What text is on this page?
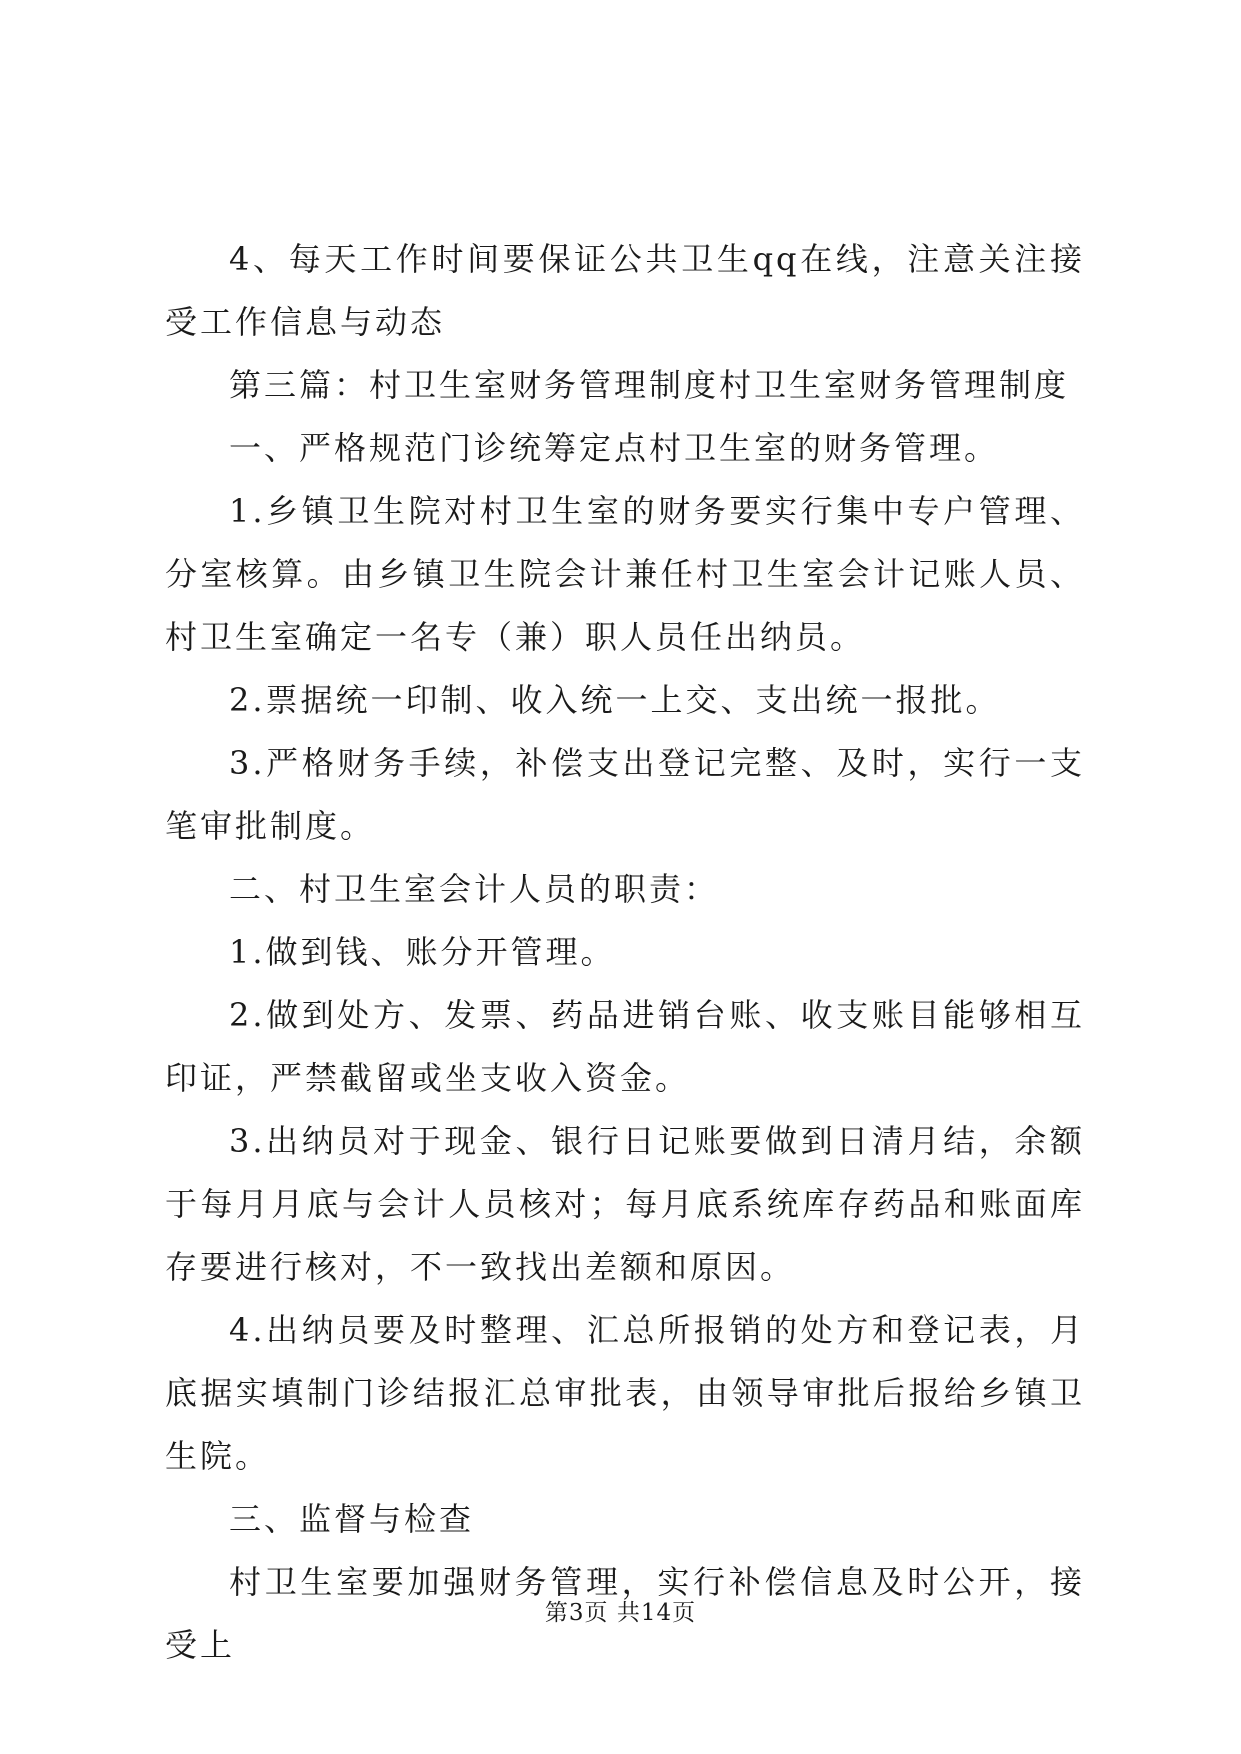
4、每天工作时间要保证公共卫生qq在线，注意关注接受工作信息与动态

第三篇：村卫生室财务管理制度村卫生室财务管理制度

一、严格规范门诊统筹定点村卫生室的财务管理。

1.乡镇卫生院对村卫生室的财务要实行集中专户管理、分室核算。由乡镇卫生院会计兼任村卫生室会计记账人员、村卫生室确定一名专（兼）职人员任出纳员。

2.票据统一印制、收入统一上交、支出统一报批。

3.严格财务手续，补偿支出登记完整、及时，实行一支笔审批制度。

二、村卫生室会计人员的职责：

1.做到钱、账分开管理。

2.做到处方、发票、药品进销台账、收支账目能够相互印证，严禁截留或坐支收入资金。

3.出纳员对于现金、银行日记账要做到日清月结，余额于每月月底与会计人员核对；每月底系统库存药品和账面库存要进行核对，不一致找出差额和原因。

4.出纳员要及时整理、汇总所报销的处方和登记表，月底据实填制门诊结报汇总审批表，由领导审批后报给乡镇卫生院。

三、监督与检查

村卫生室要加强财务管理，实行补偿信息及时公开，接受上

第3页 共14页
